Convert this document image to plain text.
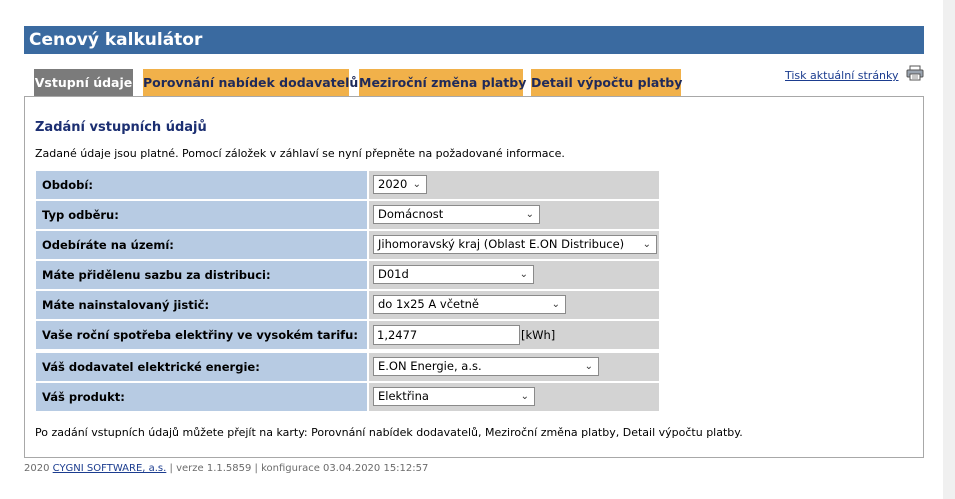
Cenový kalkulátor
Vstupní údaje Porovnání nabídek dodavatelů Meziroční změna platby Detail výpočtu platby	Tisk aktuální stránky
Zadání vstupních údajů
Zadané údaje jsou platné. Pomocí záložek v záhlaví se nyní přepněte na požadované informace.
Období:	2020 ⌄
Typ odběru:	Domácnost	⌄
Odebíráte na území:	Jihomoravský kraj (Oblast E.ON Distribuce) ⌄
Máte přidělenu sazbu za distribuci:	D01d	⌄
Máte nainstalovaný jistič:	do 1x25 A včetně	⌄
Vaše roční spotřeba elektřiny ve vysokém tarifu:	1,2477	[kWh]
Váš dodavatel elektrické energie:	E.ON Energie, a.s.	⌄
Váš produkt:	Elektřina	⌄
Po zadání vstupních údajů můžete přejít na karty: Porovnání nabídek dodavatelů, Meziroční změna platby, Detail výpočtu platby.
2020 CYGNI SOFTWARE, a.s. | verze 1.1.5859 | konfigurace 03.04.2020 15:12:57
